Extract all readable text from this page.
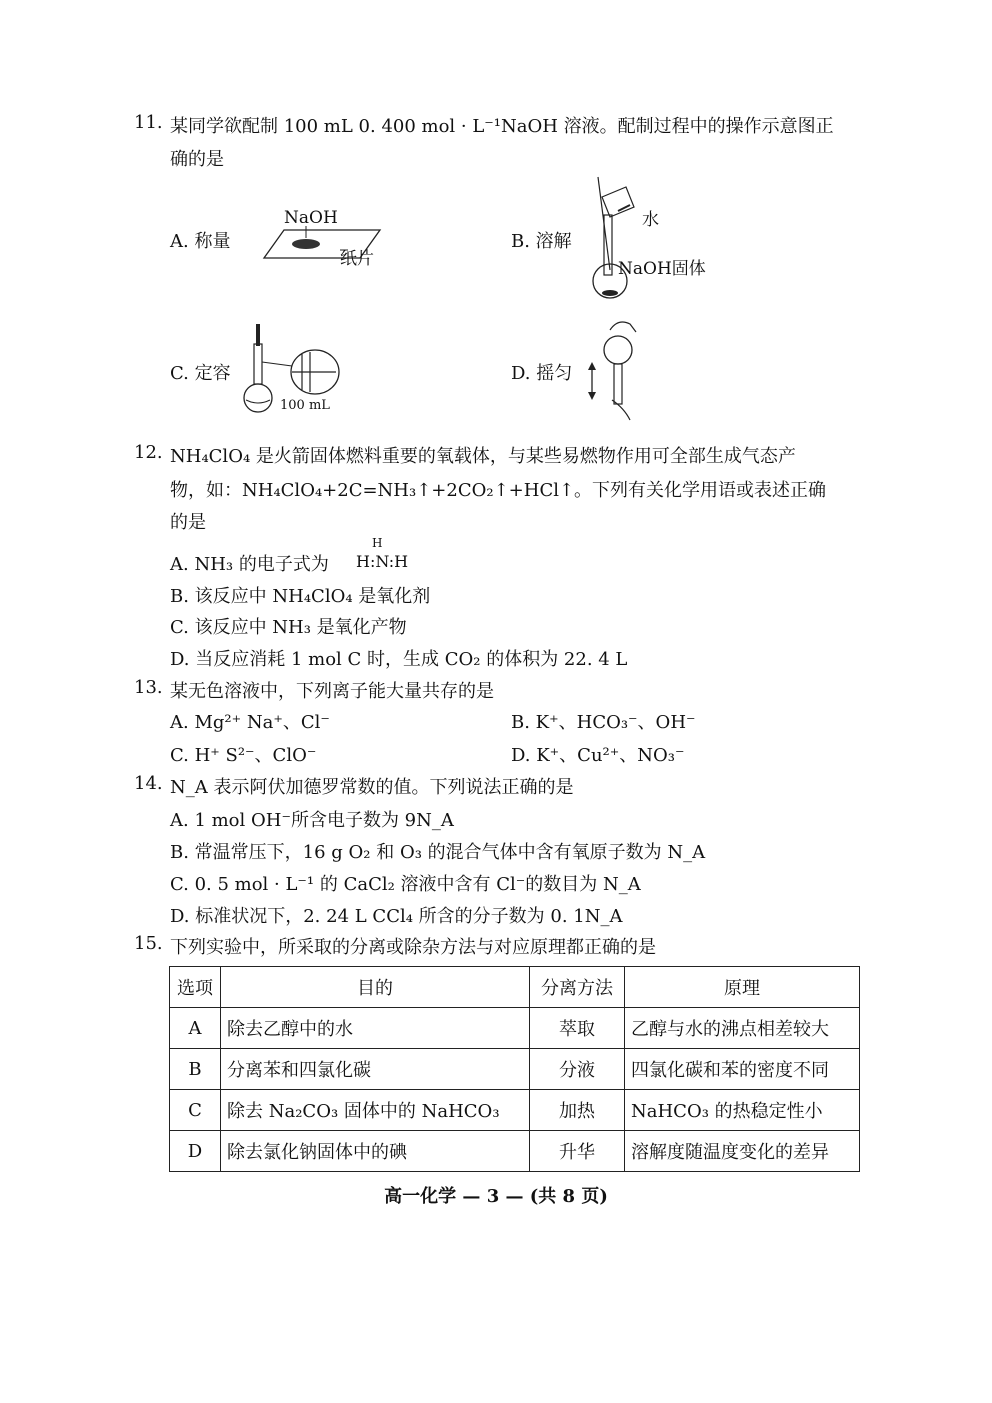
11. 某同学欲配制 100 mL 0. 400 mol · L⁻¹NaOH 溶液。配制过程中的操作示意图正
确的是
A. 称量	B. 溶解
C. 定容	D. 摇匀
NaOH
纸片
水
NaOH固体
100 mL
12. NH₄ClO₄ 是火箭固体燃料重要的氧载体，与某些易燃物作用可全部生成气态产
物，如：NH₄ClO₄+2C=NH₃↑+2CO₂↑+HCl↑。下列有关化学用语或表述正确
的是
A. NH₃ 的电子式为
H
H:N:H
B. 该反应中 NH₄ClO₄ 是氧化剂
C. 该反应中 NH₃ 是氧化产物
D. 当反应消耗 1 mol C 时，生成 CO₂ 的体积为 22. 4 L
13. 某无色溶液中，下列离子能大量共存的是
A. Mg²⁺ Na⁺、Cl⁻	B. K⁺、HCO₃⁻、OH⁻
C. H⁺ S²⁻、ClO⁻	D. K⁺、Cu²⁺、NO₃⁻
14. N_A 表示阿伏加德罗常数的值。下列说法正确的是
A. 1 mol OH⁻所含电子数为 9N_A
B. 常温常压下，16 g O₂ 和 O₃ 的混合气体中含有氧原子数为 N_A
C. 0. 5 mol · L⁻¹ 的 CaCl₂ 溶液中含有 Cl⁻的数目为 N_A
D. 标准状况下，2. 24 L CCl₄ 所含的分子数为 0. 1N_A
15. 下列实验中，所采取的分离或除杂方法与对应原理都正确的是
选项	目的	分离方法	原理
A	除去乙醇中的水	萃取	乙醇与水的沸点相差较大
B	分离苯和四氯化碳	分液	四氯化碳和苯的密度不同
C	除去 Na₂CO₃ 固体中的 NaHCO₃	加热	NaHCO₃ 的热稳定性小
D	除去氯化钠固体中的碘	升华	溶解度随温度变化的差异
高一化学 — 3 — (共 8 页)
